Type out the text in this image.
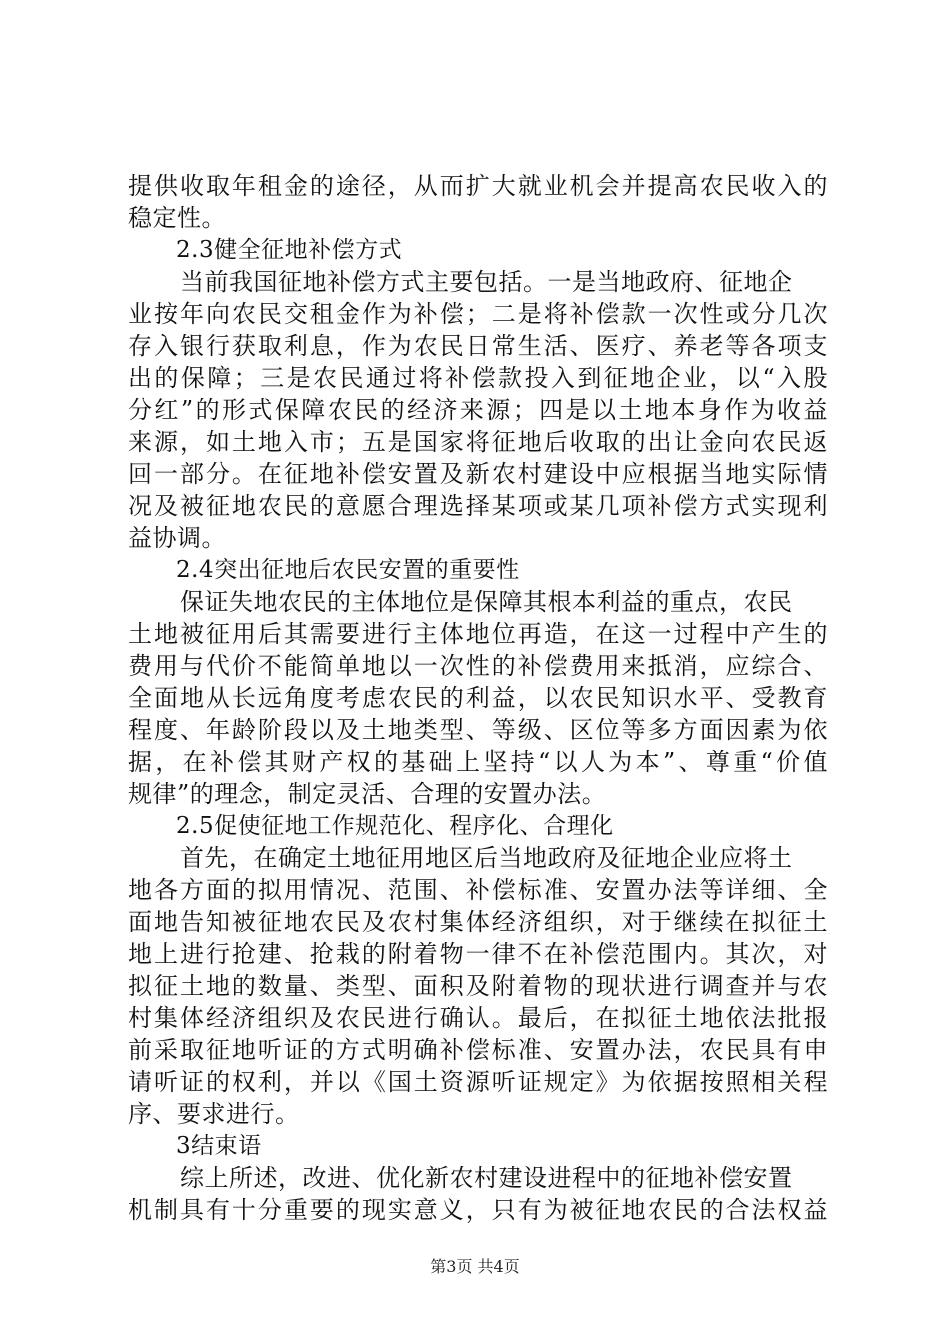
提供收取年租金的途径，从而扩大就业机会并提高农民收入的
稳定性。
2.3健全征地补偿方式
当前我国征地补偿方式主要包括。一是当地政府、征地企
业按年向农民交租金作为补偿；二是将补偿款一次性或分几次
存入银行获取利息，作为农民日常生活、医疗、养老等各项支
出的保障；三是农民通过将补偿款投入到征地企业，以“入股
分红”的形式保障农民的经济来源；四是以土地本身作为收益
来源，如土地入市；五是国家将征地后收取的出让金向农民返
回一部分。在征地补偿安置及新农村建设中应根据当地实际情
况及被征地农民的意愿合理选择某项或某几项补偿方式实现利
益协调。
2.4突出征地后农民安置的重要性
保证失地农民的主体地位是保障其根本利益的重点，农民
土地被征用后其需要进行主体地位再造，在这一过程中产生的
费用与代价不能简单地以一次性的补偿费用来抵消，应综合、
全面地从长远角度考虑农民的利益，以农民知识水平、受教育
程度、年龄阶段以及土地类型、等级、区位等多方面因素为依
据，在补偿其财产权的基础上坚持“以人为本”、尊重“价值
规律”的理念，制定灵活、合理的安置办法。
2.5促使征地工作规范化、程序化、合理化
首先，在确定土地征用地区后当地政府及征地企业应将土
地各方面的拟用情况、范围、补偿标准、安置办法等详细、全
面地告知被征地农民及农村集体经济组织，对于继续在拟征土
地上进行抢建、抢栽的附着物一律不在补偿范围内。其次，对
拟征土地的数量、类型、面积及附着物的现状进行调查并与农
村集体经济组织及农民进行确认。最后，在拟征土地依法批报
前采取征地听证的方式明确补偿标准、安置办法，农民具有申
请听证的权利，并以《国土资源听证规定》为依据按照相关程
序、要求进行。
3结束语
综上所述，改进、优化新农村建设进程中的征地补偿安置
机制具有十分重要的现实意义，只有为被征地农民的合法权益
第3页 共4页
